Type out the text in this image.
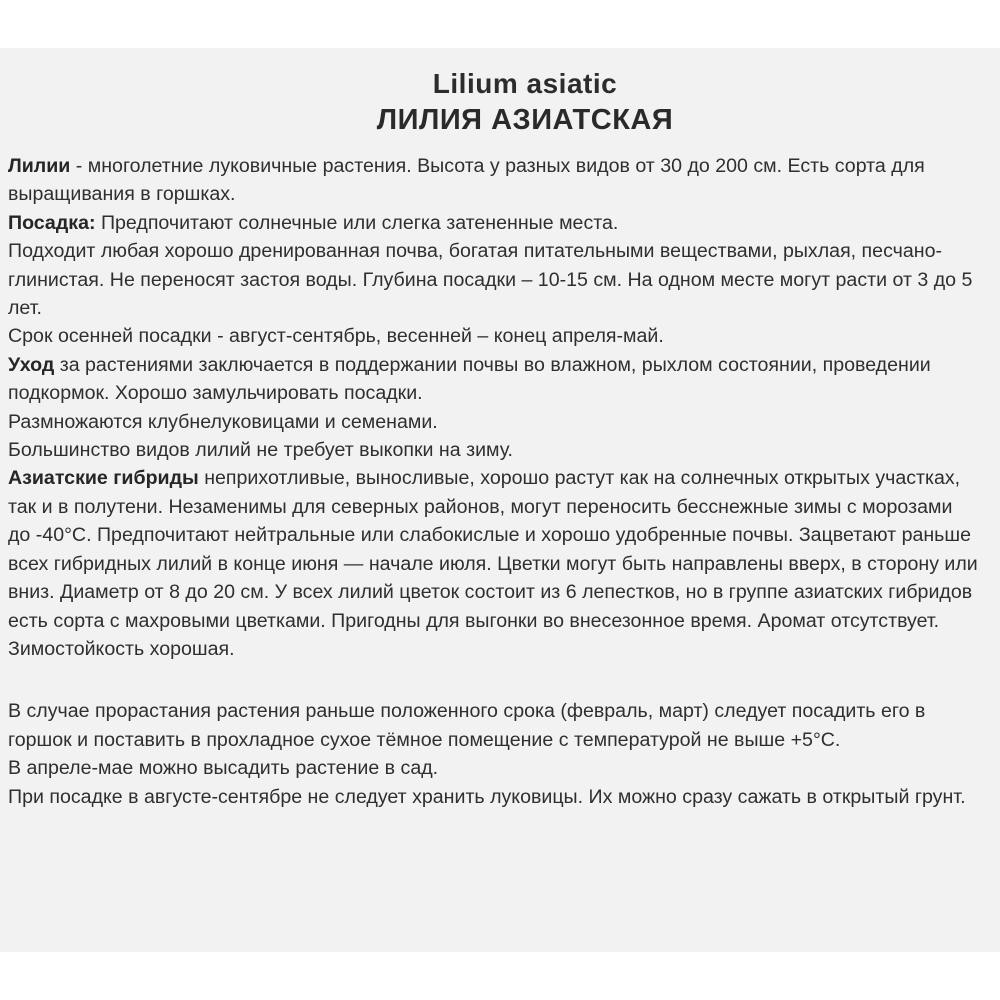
Lilium asiatic
ЛИЛИЯ АЗИАТСКАЯ

Лилии - многолетние луковичные растения. Высота у разных видов от 30 до 200 см. Есть сорта для выращивания в горшках.

Посадка: Предпочитают солнечные или слегка затененные места.

Подходит любая хорошо дренированная почва, богатая питательными веществами, рыхлая, песчано-глинистая. Не переносят застоя воды. Глубина посадки – 10-15 см. На одном месте могут расти от 3 до 5 лет.

Срок осенней посадки - август-сентябрь, весенней – конец апреля-май.

Уход за растениями заключается в поддержании почвы во влажном, рыхлом состоянии, проведении подкормок. Хорошо замульчировать посадки.

Размножаются клубнелуковицами и семенами.

Большинство видов лилий не требует выкопки на зиму.

Азиатские гибриды неприхотливые, выносливые, хорошо растут как на солнечных открытых участках, так и в полутени. Незаменимы для северных районов, могут переносить бесснежные зимы с морозами до -40°С. Предпочитают нейтральные или слабокислые и хорошо удобренные почвы. Зацветают раньше всех гибридных лилий в конце июня — начале июля. Цветки могут быть направлены вверх, в сторону или вниз. Диаметр от 8 до 20 см. У всех лилий цветок состоит из 6 лепестков, но в группе азиатских гибридов есть сорта с махровыми цветками. Пригодны для выгонки во внесезонное время. Аромат отсутствует.

Зимостойкость хорошая.

В случае прорастания растения раньше положенного срока (февраль, март) следует посадить его в горшок и поставить в прохладное сухое тёмное помещение с температурой не выше +5°С.

В апреле-мае можно высадить растение в сад.

При посадке в августе-сентябре не следует хранить луковицы. Их можно сразу сажать в открытый грунт.
